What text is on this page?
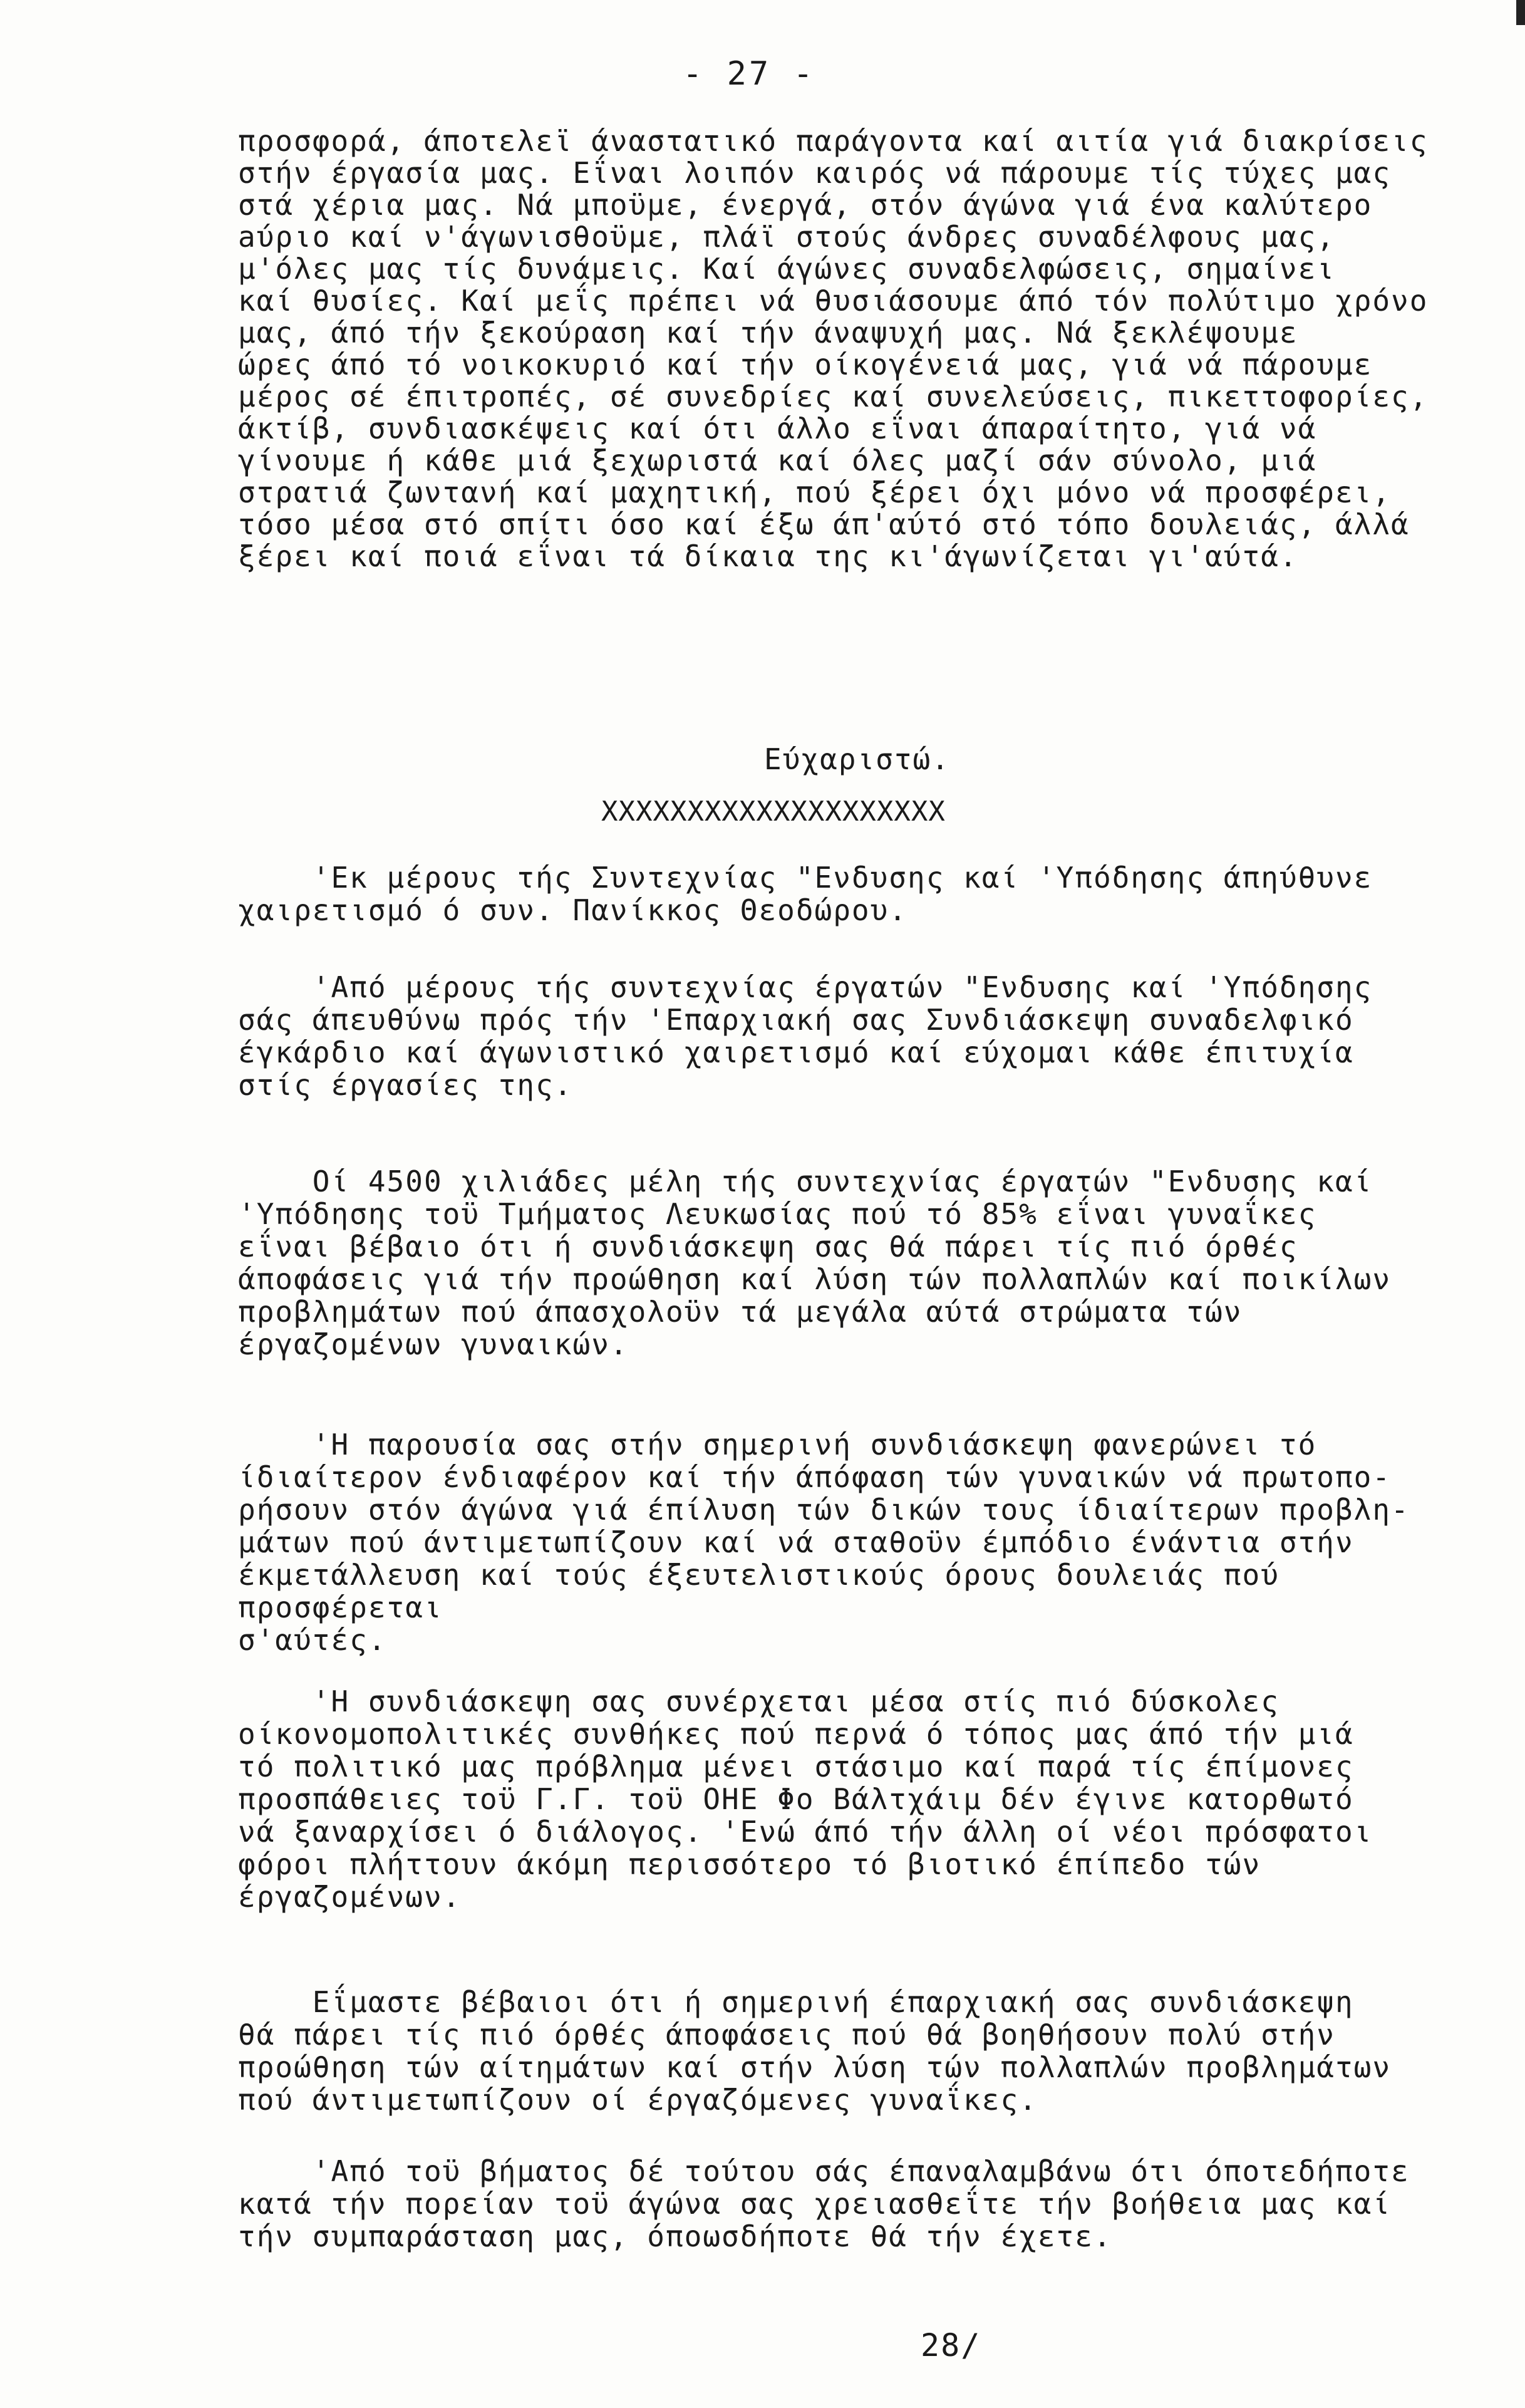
- 27 -
προσφορά, άποτελεϊ άναστατικό παράγοντα καί αιτία γιά διακρίσεις
στήν έργασία μας. Εΐναι λοιπόν καιρός νά πάρουμε τίς τύχες μας
στά χέρια μας. Νά μποϋμε, ένεργά, στόν άγώνα γιά ένα καλύτερο
aύριο καί ν'άγωνισθοϋμε, πλάϊ στούς άνδρες συναδέλφους μας,
μ'όλες μας τίς δυνάμεις. Καί άγώνες συναδελφώσεις, σημαίνει
καί θυσίες. Καί μεΐς πρέπει νά θυσιάσουμε άπό τόν πολύτιμο χρόνο
μας, άπό τήν ξεκούραση καί τήν άναψυχή μας. Νά ξεκλέψουμε
ώρες άπό τό νοικοκυριό καί τήν οίκογένειά μας, γιά νά πάρουμε
μέρος σέ έπιτροπές, σέ συνεδρίες καί συνελεύσεις, πικεττοφορίες,
άκτίβ, συνδιασκέψεις καί ότι άλλο εΐναι άπαραίτητο, γιά νά
γίνουμε ή κάθε μιά ξεχωριστά καί όλες μαζί σάν σύνολο, μιά
στρατιά ζωντανή καί μαχητική, πού ξέρει όχι μόνο νά προσφέρει,
τόσο μέσα στό σπίτι όσο καί έξω άπ'αύτό στό τόπο δουλειάς, άλλά
ξέρει καί ποιά εΐναι τά δίκαια της κι'άγωνίζεται γι'αύτά.
Εύχαριστώ.
XXXXXXXXXXXXXXXXXXXX
'Εκ μέρους τής Συντεχνίας "Ενδυσης καί 'Υπόδησης άπηύθυνε
χαιρετισμό ό συν. Πανίκκος Θεοδώρου.
'Από μέρους τής συντεχνίας έργατών "Ενδυσης καί 'Υπόδησης
σάς άπευθύνω πρός τήν 'Επαρχιακή σας Συνδιάσκεψη συναδελφικό
έγκάρδιο καί άγωνιστικό χαιρετισμό καί εύχομαι κάθε έπιτυχία
στίς έργασίες της.
Οί 4500 χιλιάδες μέλη τής συντεχνίας έργατών "Ενδυσης καί
'Υπόδησης τοϋ Τμήματος Λευκωσίας πού τό 85% εΐναι γυναΐκες
εΐναι βέβαιο ότι ή συνδιάσκεψη σας θά πάρει τίς πιό όρθές
άποφάσεις γιά τήν προώθηση καί λύση τών πολλαπλών καί ποικίλων
προβλημάτων πού άπασχολοϋν τά μεγάλα αύτά στρώματα τών
έργαζομένων γυναικών.
'Η παρουσία σας στήν σημερινή συνδιάσκεψη φανερώνει τό
ίδιαίτερον ένδιαφέρον καί τήν άπόφαση τών γυναικών νά πρωτοπο-
ρήσουν στόν άγώνα γιά έπίλυση τών δικών τους ίδιαίτερων προβλη-
μάτων πού άντιμετωπίζουν καί νά σταθοϋν έμπόδιο ένάντια στήν
έκμετάλλευση καί τούς έξευτελιστικούς όρους δουλειάς πού προσφέρεται
σ'αύτές.
'Η συνδιάσκεψη σας συνέρχεται μέσα στίς πιό δύσκολες
οίκονομοπολιτικές συνθήκες πού περνά ό τόπος μας άπό τήν μιά
τό πολιτικό μας πρόβλημα μένει στάσιμο καί παρά τίς έπίμονες
προσπάθειες τοϋ Γ.Γ. τοϋ ΟΗΕ Φο Βάλτχάιμ δέν έγινε κατορθωτό
νά ξαναρχίσει ό διάλογος. 'Ενώ άπό τήν άλλη οί νέοι πρόσφατοι
φόροι πλήττουν άκόμη περισσότερο τό βιοτικό έπίπεδο τών
έργαζομένων.
Εΐμαστε βέβαιοι ότι ή σημερινή έπαρχιακή σας συνδιάσκεψη
θά πάρει τίς πιό όρθές άποφάσεις πού θά βοηθήσουν πολύ στήν
προώθηση τών αίτημάτων καί στήν λύση τών πολλαπλών προβλημάτων
πού άντιμετωπίζουν οί έργαζόμενες γυναΐκες.
'Από τοϋ βήματος δέ τούτου σάς έπαναλαμβάνω ότι όποτεδήποτε
κατά τήν πορείαν τοϋ άγώνα σας χρειασθεΐτε τήν βοήθεια μας καί
τήν συμπαράσταση μας, όποωσδήποτε θά τήν έχετε.
28/
